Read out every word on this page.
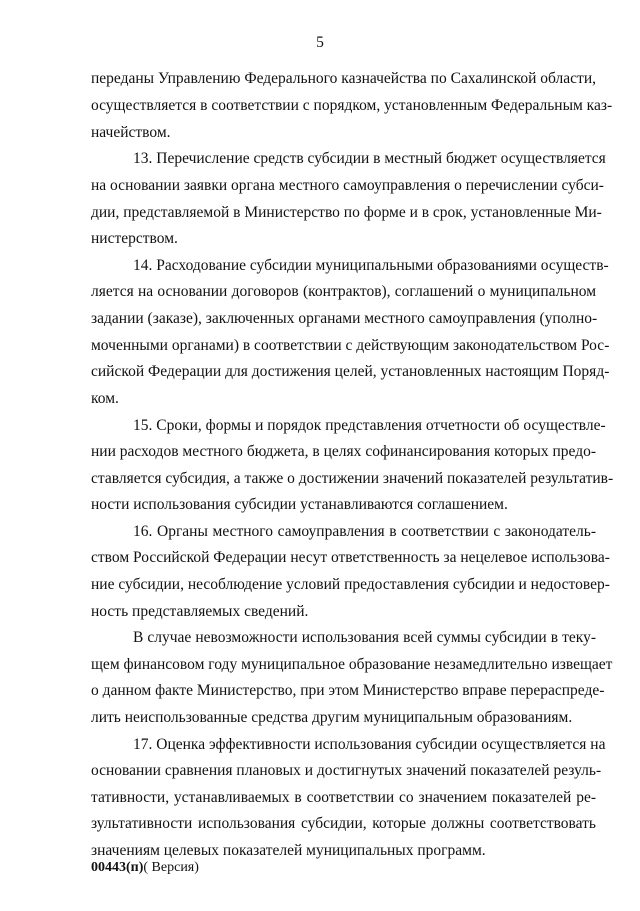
5
переданы Управлению Федерального казначейства по Сахалинской области,
осуществляется в соответствии с порядком, установленным Федеральным каз-
начейством.
13. Перечисление средств субсидии в местный бюджет осуществляется
на основании заявки органа местного самоуправления о перечислении субси-
дии, представляемой в Министерство по форме и в срок, установленные Ми-
нистерством.
14. Расходование субсидии муниципальными образованиями осуществ-
ляется на основании договоров (контрактов), соглашений о муниципальном
задании (заказе), заключенных органами местного самоуправления (уполно-
моченными органами) в соответствии с действующим законодательством Рос-
сийской Федерации для достижения целей, установленных настоящим Поряд-
ком.
15. Сроки, формы и порядок представления отчетности об осуществле-
нии расходов местного бюджета, в целях софинансирования которых предо-
ставляется субсидия, а также о достижении значений показателей результатив-
ности использования субсидии устанавливаются соглашением.
16. Органы местного самоуправления в соответствии с законодатель-
ством Российской Федерации несут ответственность за нецелевое использова-
ние субсидии, несоблюдение условий предоставления субсидии и недостовер-
ность представляемых сведений.
В случае невозможности использования всей суммы субсидии в теку-
щем финансовом году муниципальное образование незамедлительно извещает
о данном факте Министерство, при этом Министерство вправе перераспреде-
лить неиспользованные средства другим муниципальным образованиям.
17. Оценка эффективности использования субсидии осуществляется на
основании сравнения плановых и достигнутых значений показателей резуль-
тативности, устанавливаемых в соответствии со значением показателей ре-
зультативности использования субсидии, которые должны соответствовать
значениям целевых показателей муниципальных программ.
00443(п)( Версия)
